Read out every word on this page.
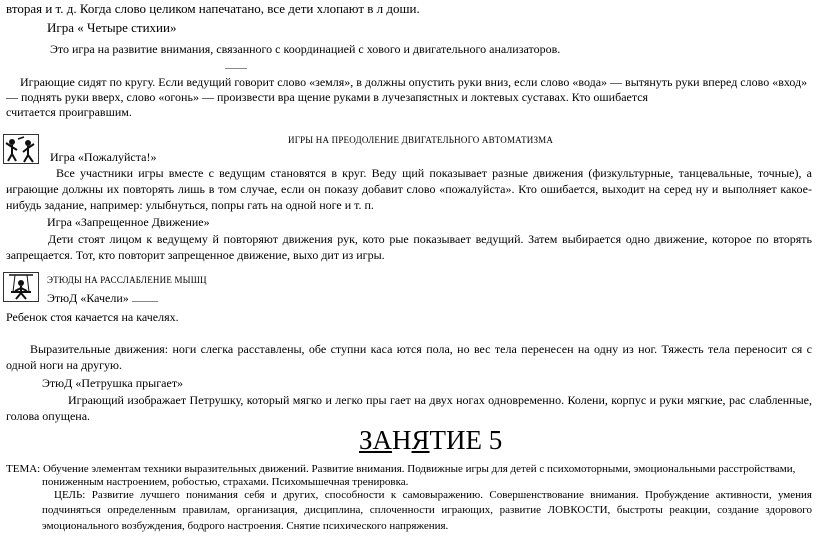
вторая и т. д. Когда слово целиком напечатано, все дети хлопают в л доши.
Игра « Четыре стихии»
Это игра на развитие внимания, связанного с координацией с хового и двигательного анализаторов.
Играющие сидят по кругу. Если ведущий говорит слово «земля», в должны опустить руки вниз, если слово «вода» — вытянуть руки вперед слово «вход»
— поднять руки вверх, слово «огонь» — произвести вра щение руками в лучезапястных и локтевых суставах. Кто ошибается
считается проигравшим.
ИГРЫ НА ПРЕОДОЛЕНИЕ ДВИГАТЕЛЬНОГО АВТОМАТИЗМА
Игра «Пожалуйста!»
Все участники игры вместе с ведущим становятся в круг. Веду щий показывает разные движения (физкультурные, танцевальные, точные), а играющие должны их повторять лишь в том случае, если он показу добавит слово «пожалуйста». Кто ошибается, выходит на серед ну и выполняет какое-нибудь задание, например: улыбнуться, попры гать на одной ноге и т. п.
Игра «Запрещенное Движение»
Дети стоят лицом к ведущему й повторяют движения рук, кото рые показывает ведущий. Затем выбирается одно движение, которое по вторять запрещается. Тот, кто повторит запрещенное движение, выхо дит из игры.
ЭТЮДЫ НА РАССЛАБЛЕНИЕ МЫШЦ
ЭтюД «Качели»
Ребенок стоя качается на качелях.
Выразительные движения: ноги слегка расставлены, обе ступни каса ются пола, но вес тела перенесен на одну из ног. Тяжесть тела переносит ся с одной ноги на другую.
ЭтюД «Петрушка прыгает»
Играющий изображает Петрушку, который мягко и легко пры гает на двух ногах одновременно. Колени, корпус и руки мягкие, рас слабленные, голова опущена.
ЗАНЯТИЕ 5
ТЕМА: Обучение элементам техники выразительных движений. Развитие внимания. Подвижные игры для детей с психомоторными, эмоциональными расстройствами,
пониженным настроением, робостью, страхами. Психомышечная тренировка.
ЦЕЛЬ: Развитие лучшего понимания себя и других, способности к самовыражению. Совершенствование внимания. Пробуждение активности, умения подчиняться определенным правилам, организация, дисциплина, сплоченности играющих, развитие ЛОВКОСТИ, быстроты реакции, создание здорового эмоционального возбуждения, бодрого настроения. Снятие психического напряжения.
